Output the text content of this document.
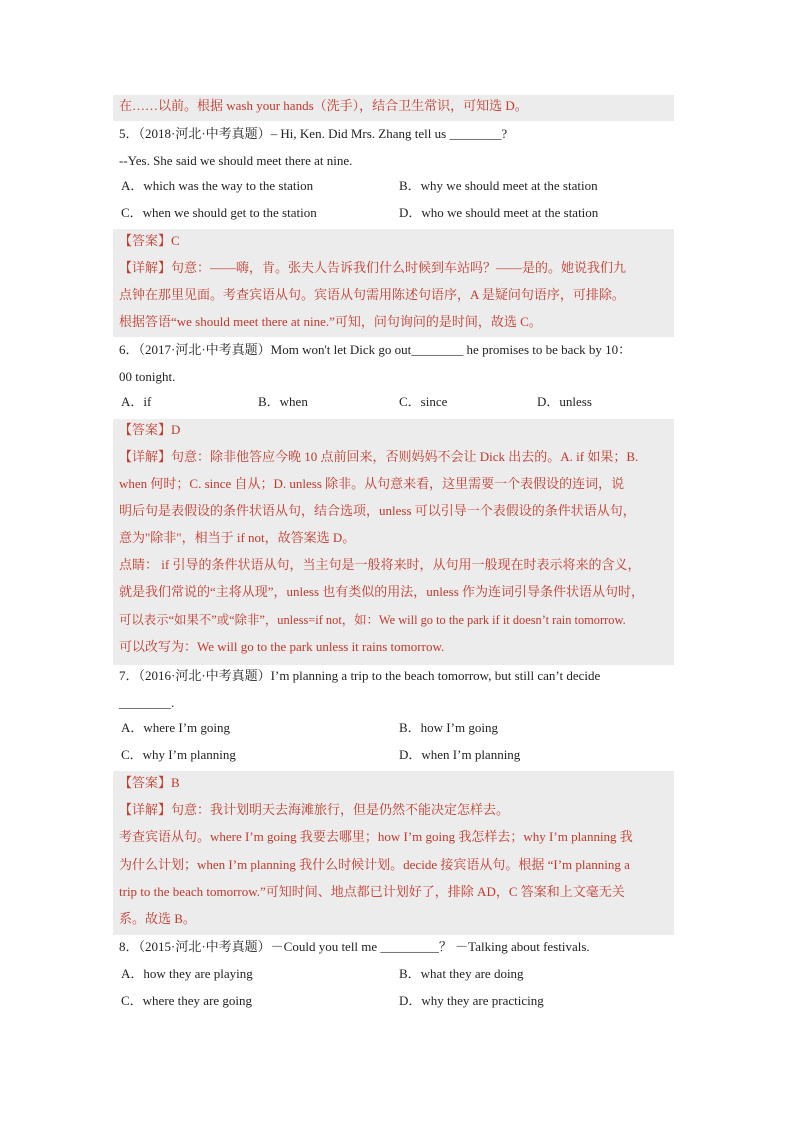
在……以前。根据 wash your hands（洗手），结合卫生常识，可知选 D。
5．（2018·河北·中考真题）– Hi, Ken. Did Mrs. Zhang tell us ________?
--Yes. She said we should meet there at nine.
A．which was the way to the station	B．why we should meet at the station
C．when we should get to the station	D．who we should meet at the station
【答案】C
【详解】句意：——嗨，肯。张夫人告诉我们什么时候到车站吗？——是的。她说我们九
点钟在那里见面。考查宾语从句。宾语从句需用陈述句语序，A 是疑问句语序，可排除。
根据答语“we should meet there at nine.”可知，问句询问的是时间，故选 C。
6．（2017·河北·中考真题）Mom won't let Dick go out________ he promises to be back by 10：
00 tonight.
A．if	B．when	C．since	D．unless
【答案】D
【详解】句意：除非他答应今晚 10 点前回来，否则妈妈不会让 Dick 出去的。A. if 如果；B.
when 何时；C. since 自从；D. unless 除非。从句意来看，这里需要一个表假设的连词，说
明后句是表假设的条件状语从句，结合选项，unless 可以引导一个表假设的条件状语从句，
意为"除非"，相当于 if not，故答案选 D。
点睛： if 引导的条件状语从句，当主句是一般将来时，从句用一般现在时表示将来的含义，
就是我们常说的“主将从现”，unless 也有类似的用法，unless 作为连词引导条件状语从句时，
可以表示“如果不”或“除非”，unless=if not，如：We will go to the park if it doesn’t rain tomorrow.
可以改写为：We will go to the park unless it rains tomorrow.
7．（2016·河北·中考真题）I’m planning a trip to the beach tomorrow, but still can’t decide
________.
A．where I’m going	B．how I’m going
C．why I’m planning	D．when I’m planning
【答案】B
【详解】句意：我计划明天去海滩旅行，但是仍然不能决定怎样去。
考查宾语从句。where I’m going 我要去哪里；how I’m going 我怎样去；why I’m planning 我
为什么计划；when I’m planning 我什么时候计划。decide 接宾语从句。根据 “I’m planning a
trip to the beach tomorrow.”可知时间、地点都已计划好了，排除 AD，C 答案和上文毫无关
系。故选 B。
8．（2015·河北·中考真题）－Could you tell me _________？ －Talking about festivals.
A．how they are playing	B．what they are doing
C．where they are going	D．why they are practicing
